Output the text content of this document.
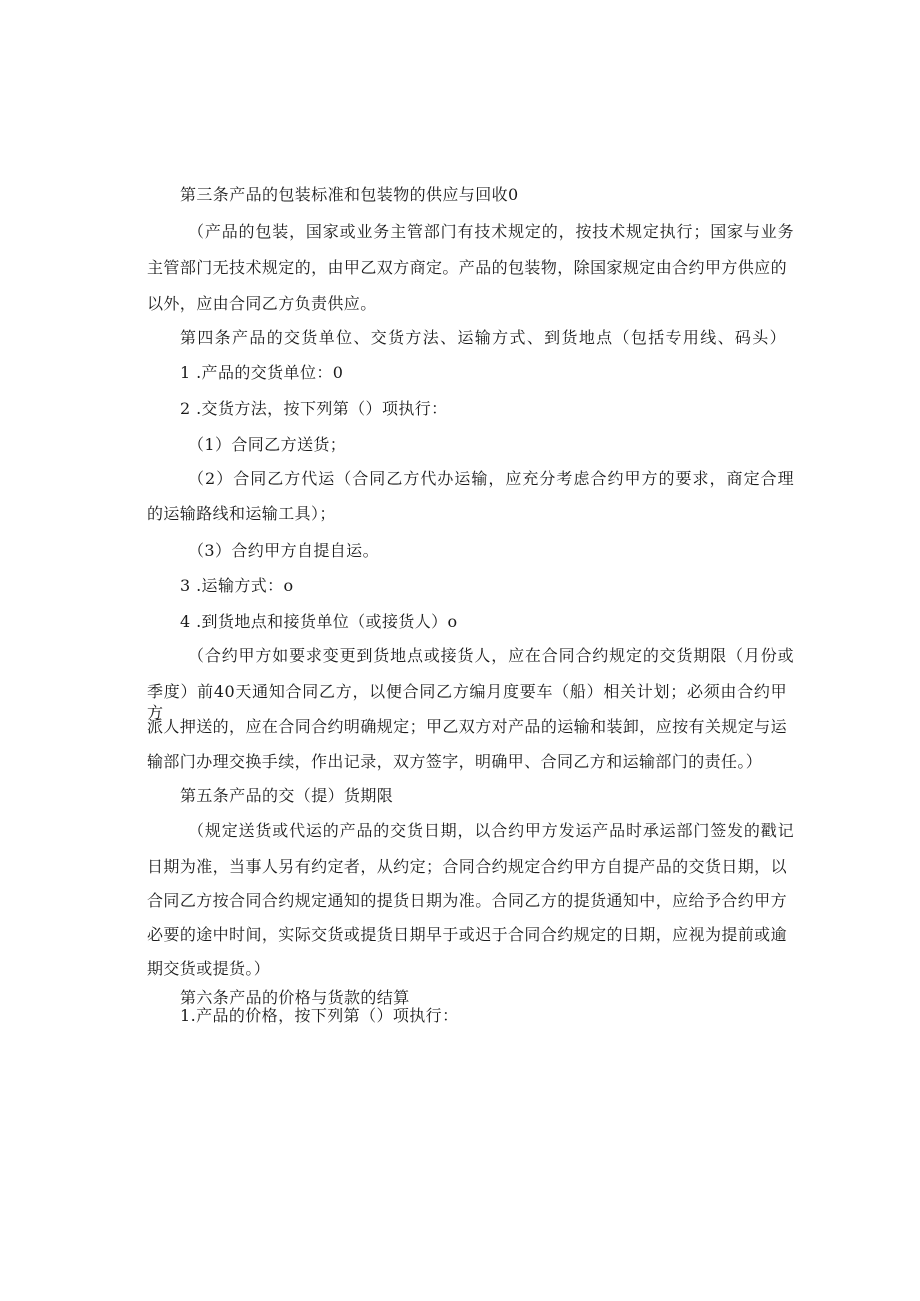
第三条产品的包装标准和包装物的供应与回收0
（产品的包装，国家或业务主管部门有技术规定的，按技术规定执行；国家与业务
主管部门无技术规定的，由甲乙双方商定。产品的包装物，除国家规定由合约甲方供应的
以外，应由合同乙方负责供应。
第四条产品的交货单位、交货方法、运输方式、到货地点（包括专用线、码头）
1 .产品的交货单位：0
2 .交货方法，按下列第（）项执行：
（1）合同乙方送货；
（2）合同乙方代运（合同乙方代办运输，应充分考虑合约甲方的要求，商定合理
的运输路线和运输工具）；
（3）合约甲方自提自运。
3 .运输方式：o
4 .到货地点和接货单位（或接货人）o
（合约甲方如要求变更到货地点或接货人，应在合同合约规定的交货期限（月份或
季度）前40天通知合同乙方，以便合同乙方编月度要车（船）相关计划；必须由合约甲方
派人押送的，应在合同合约明确规定；甲乙双方对产品的运输和装卸，应按有关规定与运
输部门办理交换手续，作出记录，双方签字，明确甲、合同乙方和运输部门的责任。）
第五条产品的交（提）货期限
（规定送货或代运的产品的交货日期，以合约甲方发运产品时承运部门签发的戳记
日期为准，当事人另有约定者，从约定；合同合约规定合约甲方自提产品的交货日期，以
合同乙方按合同合约规定通知的提货日期为准。合同乙方的提货通知中，应给予合约甲方
必要的途中时间，实际交货或提货日期早于或迟于合同合约规定的日期，应视为提前或逾
期交货或提货。）
第六条产品的价格与货款的结算
1.产品的价格，按下列第（）项执行：
